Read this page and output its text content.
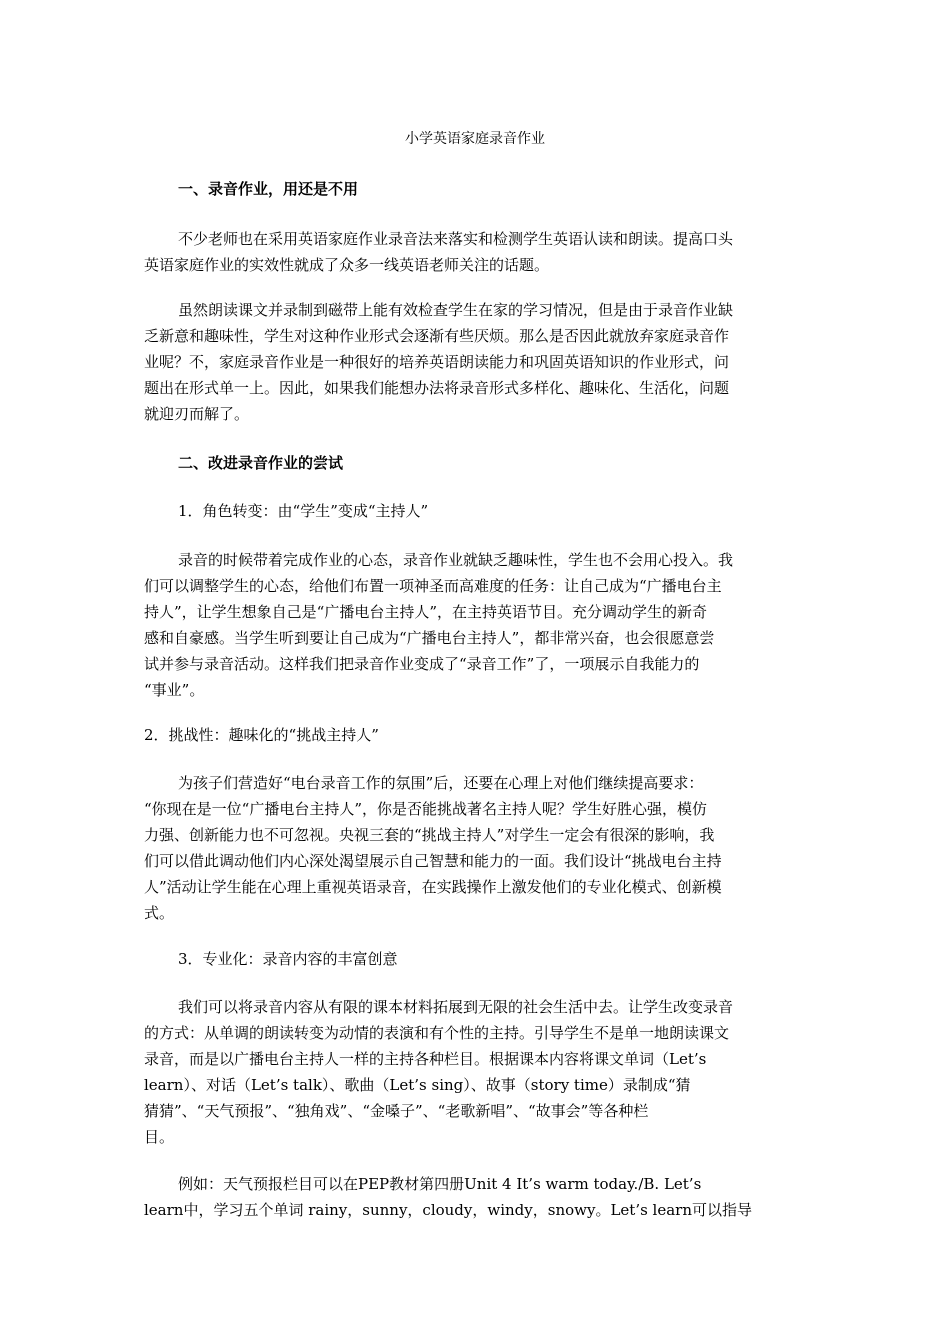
小学英语家庭录音作业
一、录音作业，用还是不用
不少老师也在采用英语家庭作业录音法来落实和检测学生英语认读和朗读。提高口头
英语家庭作业的实效性就成了众多一线英语老师关注的话题。
虽然朗读课文并录制到磁带上能有效检查学生在家的学习情况，但是由于录音作业缺
乏新意和趣味性，学生对这种作业形式会逐渐有些厌烦。那么是否因此就放弃家庭录音作
业呢？不，家庭录音作业是一种很好的培养英语朗读能力和巩固英语知识的作业形式，问
题出在形式单一上。因此，如果我们能想办法将录音形式多样化、趣味化、生活化，问题
就迎刃而解了。
二、改进录音作业的尝试
1．角色转变：由“学生”变成“主持人”
录音的时候带着完成作业的心态，录音作业就缺乏趣味性，学生也不会用心投入。我
们可以调整学生的心态，给他们布置一项神圣而高难度的任务：让自己成为“广播电台主
持人”，让学生想象自己是“广播电台主持人”，在主持英语节目。充分调动学生的新奇
感和自豪感。当学生听到要让自己成为“广播电台主持人”，都非常兴奋，也会很愿意尝
试并参与录音活动。这样我们把录音作业变成了“录音工作”了，一项展示自我能力的
“事业”。
2．挑战性：趣味化的“挑战主持人”
为孩子们营造好“电台录音工作的氛围”后，还要在心理上对他们继续提高要求：
“你现在是一位“广播电台主持人”，你是否能挑战著名主持人呢？学生好胜心强，模仿
力强、创新能力也不可忽视。央视三套的“挑战主持人”对学生一定会有很深的影响，我
们可以借此调动他们内心深处渴望展示自己智慧和能力的一面。我们设计“挑战电台主持
人”活动让学生能在心理上重视英语录音，在实践操作上激发他们的专业化模式、创新模
式。
3．专业化：录音内容的丰富创意
我们可以将录音内容从有限的课本材料拓展到无限的社会生活中去。让学生改变录音
的方式：从单调的朗读转变为动情的表演和有个性的主持。引导学生不是单一地朗读课文
录音，而是以广播电台主持人一样的主持各种栏目。根据课本内容将课文单词（Let’s
learn）、对话（Let’s talk）、歌曲（Let’s sing）、故事（story time）录制成“猜
猜猜”、“天气预报”、“独角戏”、“金嗓子”、“老歌新唱”、“故事会”等各种栏
目。
例如：天气预报栏目可以在PEP教材第四册Unit 4 It’s warm today./B. Let’s
learn中，学习五个单词 rainy，sunny，cloudy，windy，snowy。Let’s learn可以指导
